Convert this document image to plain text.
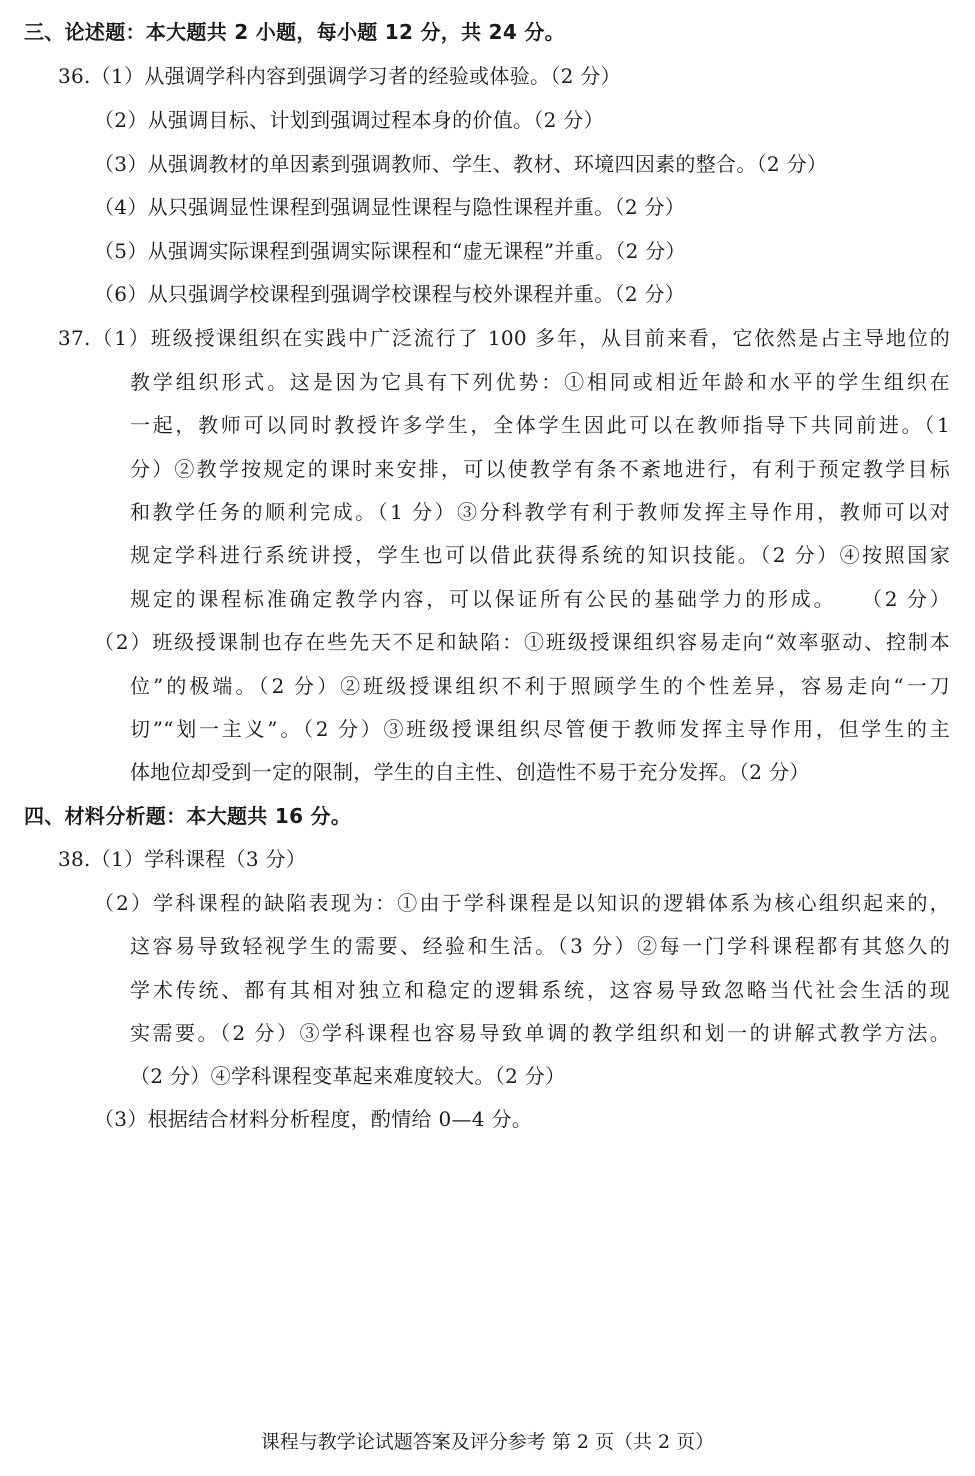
三、论述题：本大题共 2 小题，每小题 12 分，共 24 分。
36.（1）从强调学科内容到强调学习者的经验或体验。（2 分）
（2）从强调目标、计划到强调过程本身的价值。（2 分）
（3）从强调教材的单因素到强调教师、学生、教材、环境四因素的整合。（2 分）
（4）从只强调显性课程到强调显性课程与隐性课程并重。（2 分）
（5）从强调实际课程到强调实际课程和“虚无课程”并重。（2 分）
（6）从只强调学校课程到强调学校课程与校外课程并重。（2 分）
37.（1）班级授课组织在实践中广泛流行了 100 多年，从目前来看，它依然是占主导地位的
教学组织形式。这是因为它具有下列优势：①相同或相近年龄和水平的学生组织在
一起，教师可以同时教授许多学生，全体学生因此可以在教师指导下共同前进。（1
分）②教学按规定的课时来安排，可以使教学有条不紊地进行，有利于预定教学目标
和教学任务的顺利完成。（1 分）③分科教学有利于教师发挥主导作用，教师可以对
规定学科进行系统讲授，学生也可以借此获得系统的知识技能。（2 分）④按照国家
规定的课程标准确定教学内容，可以保证所有公民的基础学力的形成。　　（2 分）
（2）班级授课制也存在些先天不足和缺陷：①班级授课组织容易走向“效率驱动、控制本
位”的极端。（2 分）②班级授课组织不利于照顾学生的个性差异，容易走向“一刀
切”“划一主义”。（2 分）③班级授课组织尽管便于教师发挥主导作用，但学生的主
体地位却受到一定的限制，学生的自主性、创造性不易于充分发挥。（2 分）
四、材料分析题：本大题共 16 分。
38.（1）学科课程（3 分）
（2）学科课程的缺陷表现为：①由于学科课程是以知识的逻辑体系为核心组织起来的，
这容易导致轻视学生的需要、经验和生活。（3 分）②每一门学科课程都有其悠久的
学术传统、都有其相对独立和稳定的逻辑系统，这容易导致忽略当代社会生活的现
实需要。（2 分）③学科课程也容易导致单调的教学组织和划一的讲解式教学方法。
（2 分）④学科课程变革起来难度较大。（2 分）
（3）根据结合材料分析程度，酌情给 0—4 分。
课程与教学论试题答案及评分参考 第 2 页（共 2 页）
